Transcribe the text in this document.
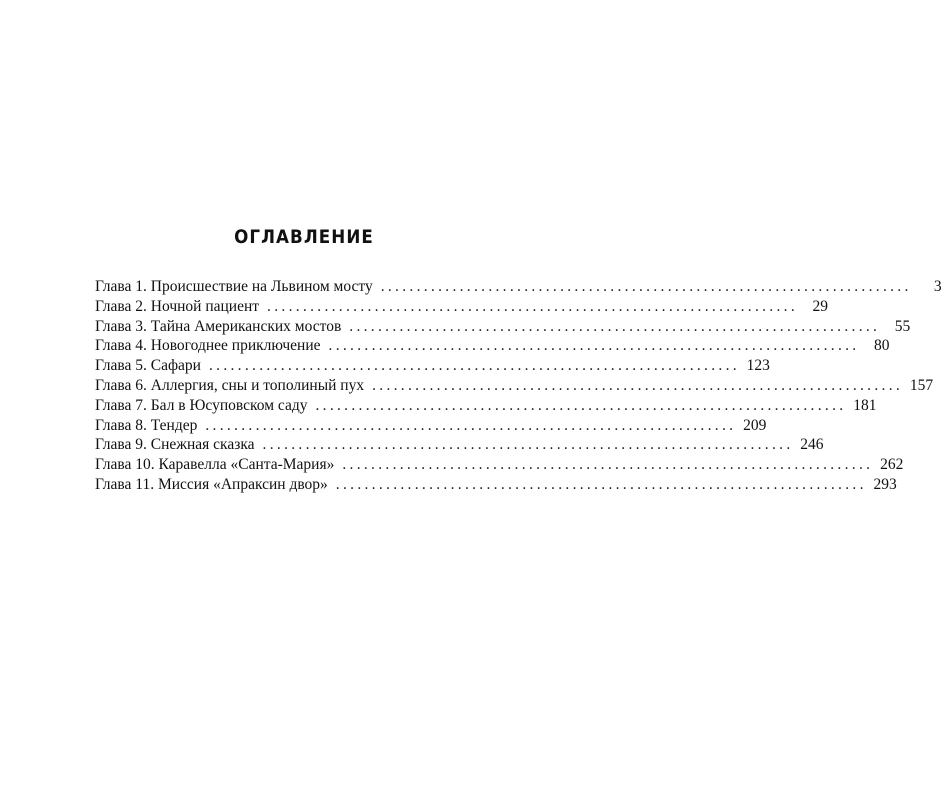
ОГЛАВЛЕНИЕ
Глава 1. Происшествие на Львином мосту ..........................................................................	3
Глава 2. Ночной пациент .......................................................................... 29
Глава 3. Тайна Американских мостов .......................................................................... 55
Глава 4. Новогоднее приключение .......................................................................... 80
Глава 5. Сафари .......................................................................... 123
Глава 6. Аллергия, сны и тополиный пух .......................................................................... 157
Глава 7. Бал в Юсуповском саду .......................................................................... 181
Глава 8. Тендер .......................................................................... 209
Глава 9. Снежная сказка .......................................................................... 246
Глава 10. Каравелла «Санта-Мария» .......................................................................... 262
Глава 11. Миссия «Апраксин двор» .......................................................................... 293
